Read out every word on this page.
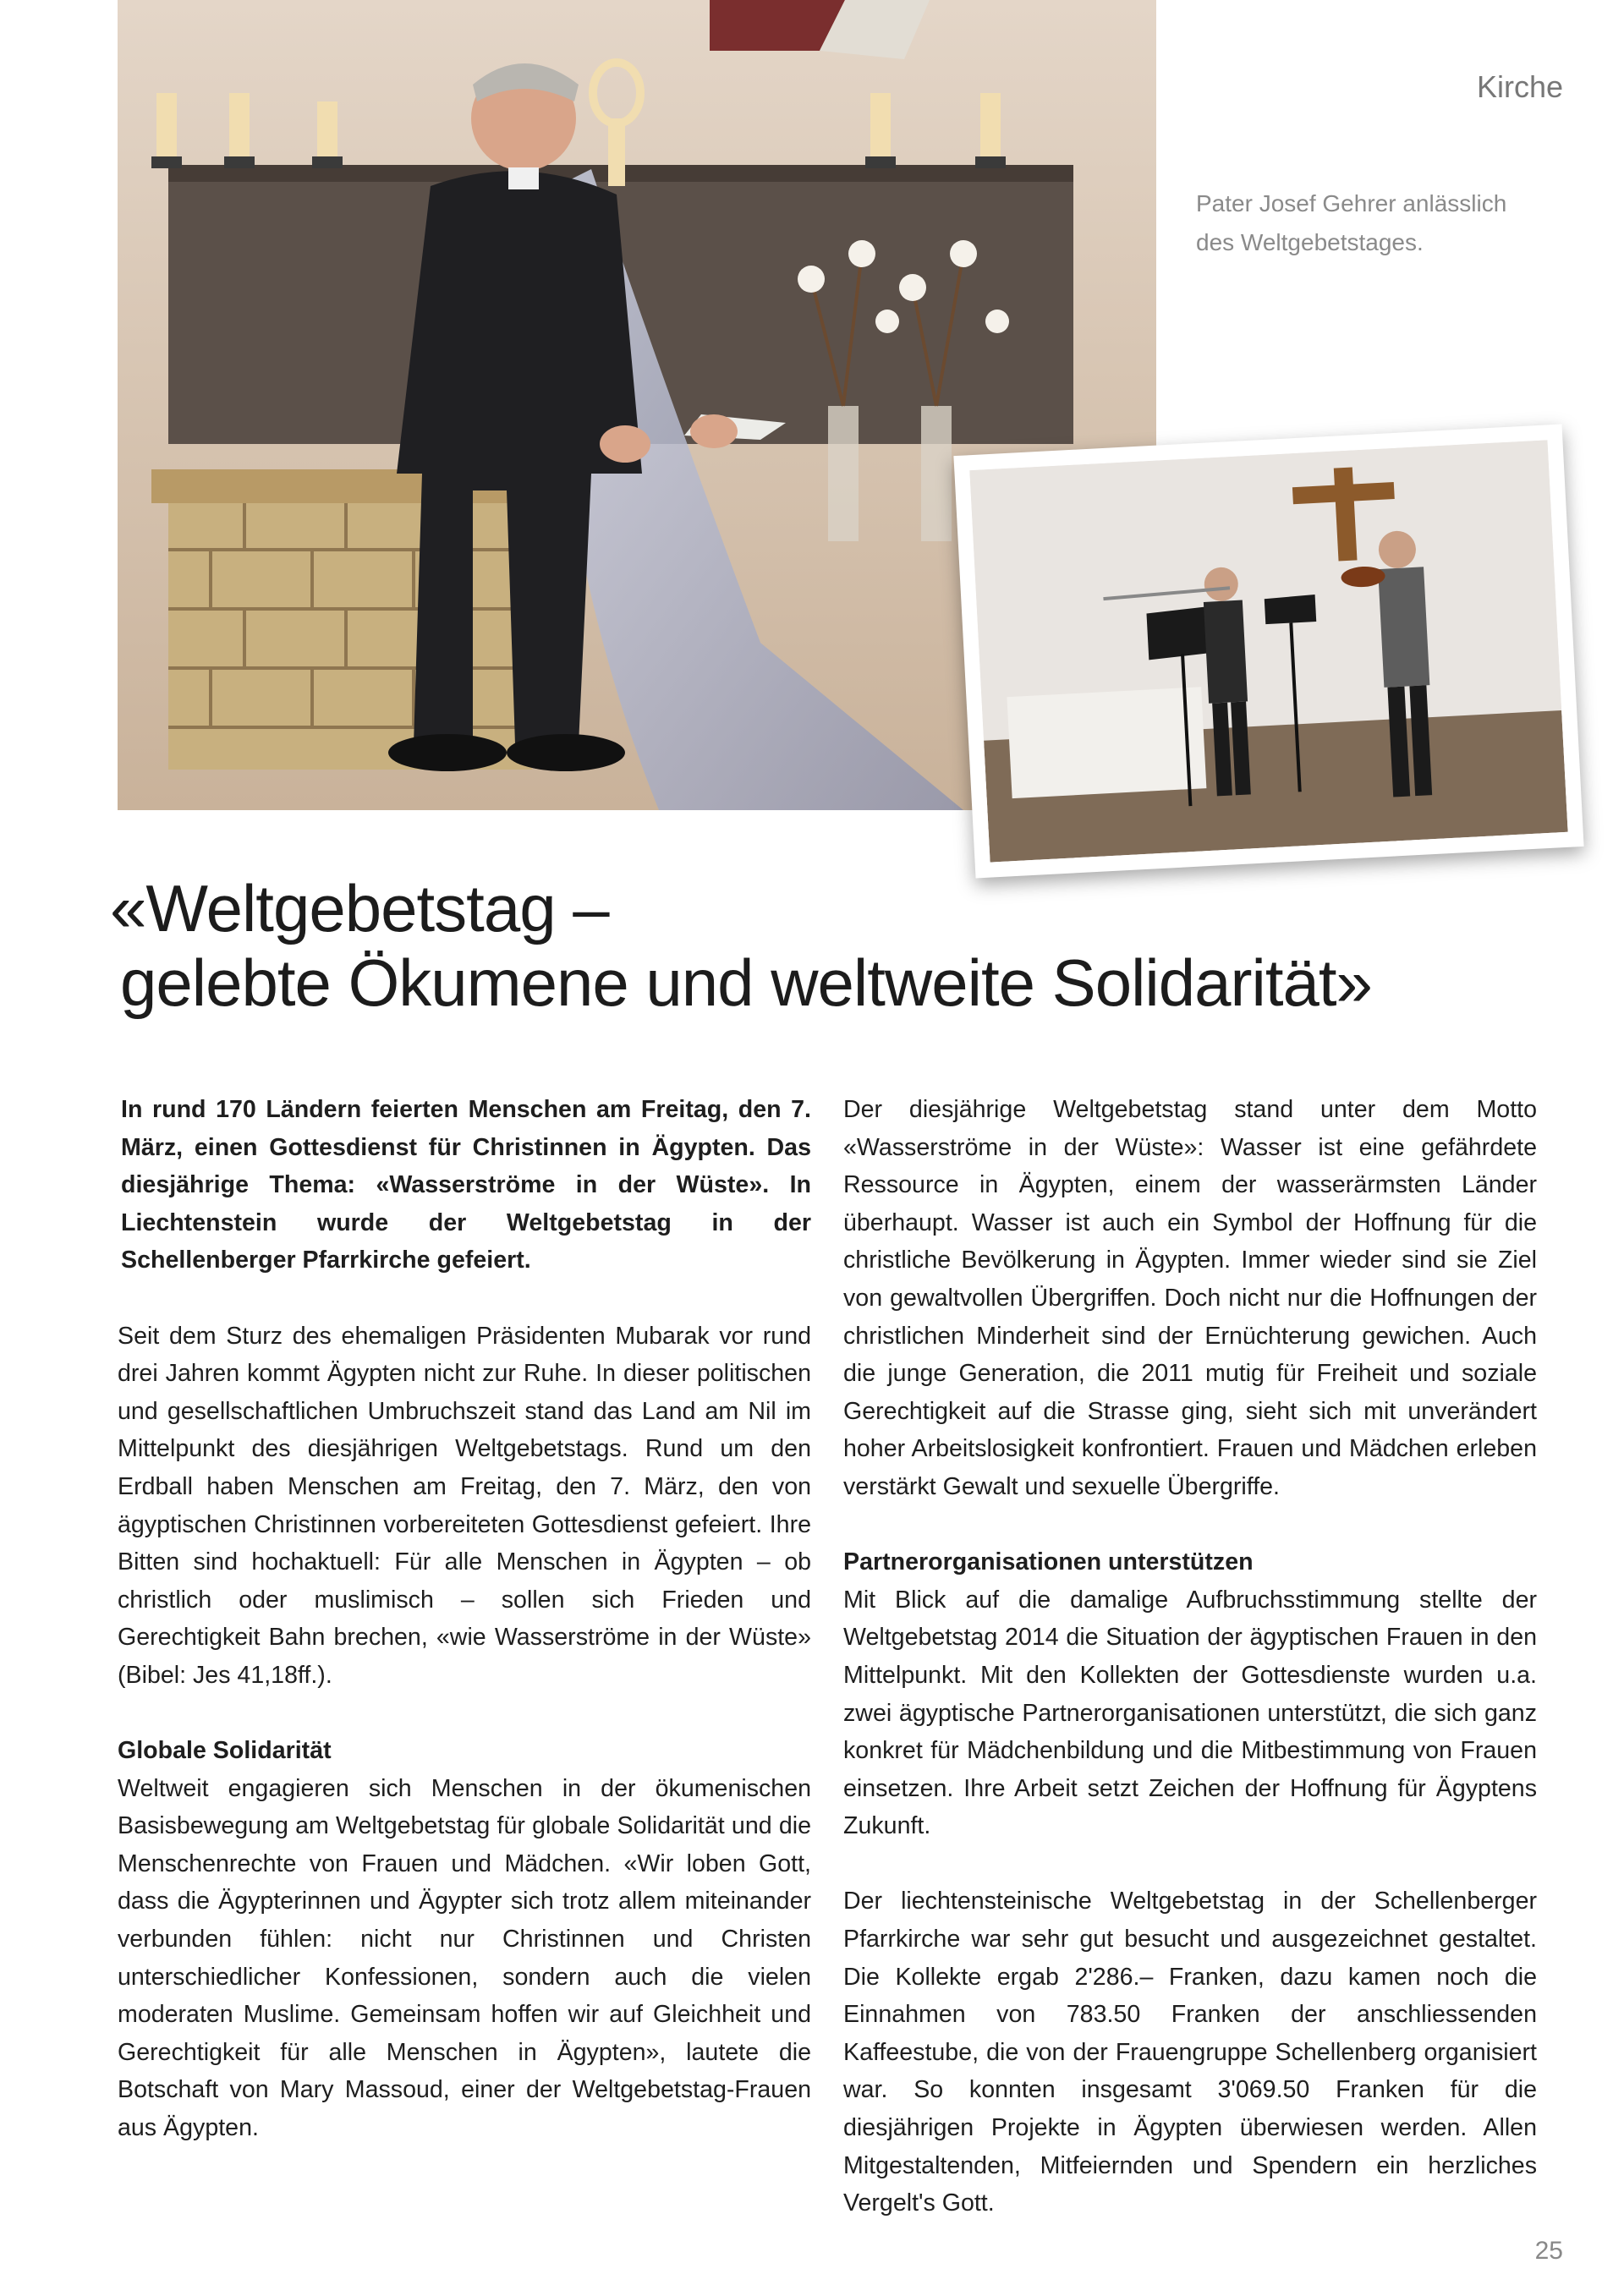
Kirche
Pater Josef Gehrer anlässlich des Weltgebetstages.
«Weltgebetstag –

gelebte Ökumene und weltweite Solidarität»

In rund 170 Ländern feierten Menschen am Freitag, den 7. März, einen Gottesdienst für Christinnen in Ägypten. Das diesjährige Thema: «Wasserströme in der Wüste». In Liechtenstein wurde der Weltgebetstag in der Schellenberger Pfarrkirche gefeiert.

Seit dem Sturz des ehemaligen Präsidenten Mubarak vor rund drei Jahren kommt Ägypten nicht zur Ruhe. In dieser politischen und gesellschaftlichen Umbruchszeit stand das Land am Nil im Mittelpunkt des diesjährigen Weltgebetstags. Rund um den Erdball haben Menschen am Freitag, den 7. März, den von ägyptischen Christinnen vorbereiteten Gottesdienst gefeiert. Ihre Bitten sind hochaktuell: Für alle Menschen in Ägypten – ob christlich oder muslimisch – sollen sich Frieden und Gerechtigkeit Bahn brechen, «wie Wasserströme in der Wüste» (Bibel: Jes 41,18ff.).

Globale Solidarität

Weltweit engagieren sich Menschen in der ökumenischen Basisbewegung am Weltgebetstag für globale Solidarität und die Menschenrechte von Frauen und Mädchen. «Wir loben Gott, dass die Ägypterinnen und Ägypter sich trotz allem miteinander verbunden fühlen: nicht nur Christinnen und Christen unterschiedlicher Konfessionen, sondern auch die vielen moderaten Muslime. Gemeinsam hoffen wir auf Gleichheit und Gerechtigkeit für alle Menschen in Ägypten», lautete die Botschaft von Mary Massoud, einer der Weltgebetstag-Frauen aus Ägypten.

Der diesjährige Weltgebetstag stand unter dem Motto «Wasserströme in der Wüste»: Wasser ist eine gefährdete Ressource in Ägypten, einem der wasserärmsten Länder überhaupt. Wasser ist auch ein Symbol der Hoffnung für die christliche Bevölkerung in Ägypten. Immer wieder sind sie Ziel von gewaltvollen Übergriffen. Doch nicht nur die Hoffnungen der christlichen Minderheit sind der Ernüchterung gewichen. Auch die junge Generation, die 2011 mutig für Freiheit und soziale Gerechtigkeit auf die Strasse ging, sieht sich mit unverändert hoher Arbeitslosigkeit konfrontiert. Frauen und Mädchen erleben verstärkt Gewalt und sexuelle Übergriffe.

Partnerorganisationen unterstützen

Mit Blick auf die damalige Aufbruchsstimmung stellte der Weltgebetstag 2014 die Situation der ägyptischen Frauen in den Mittelpunkt. Mit den Kollekten der Gottesdienste wurden u.a. zwei ägyptische Partnerorganisationen unterstützt, die sich ganz konkret für Mädchenbildung und die Mitbestimmung von Frauen einsetzen. Ihre Arbeit setzt Zeichen der Hoffnung für Ägyptens Zukunft.

Der liechtensteinische Weltgebetstag in der Schellenberger Pfarrkirche war sehr gut besucht und ausgezeichnet gestaltet. Die Kollekte ergab 2'286.– Franken, dazu kamen noch die Einnahmen von 783.50 Franken der anschliessenden Kaffeestube, die von der Frauengruppe Schellenberg organisiert war. So konnten insgesamt 3'069.50 Franken für die diesjährigen Projekte in Ägypten überwiesen werden. Allen Mitgestaltenden, Mitfeiernden und Spendern ein herzliches Vergelt's Gott.

25
